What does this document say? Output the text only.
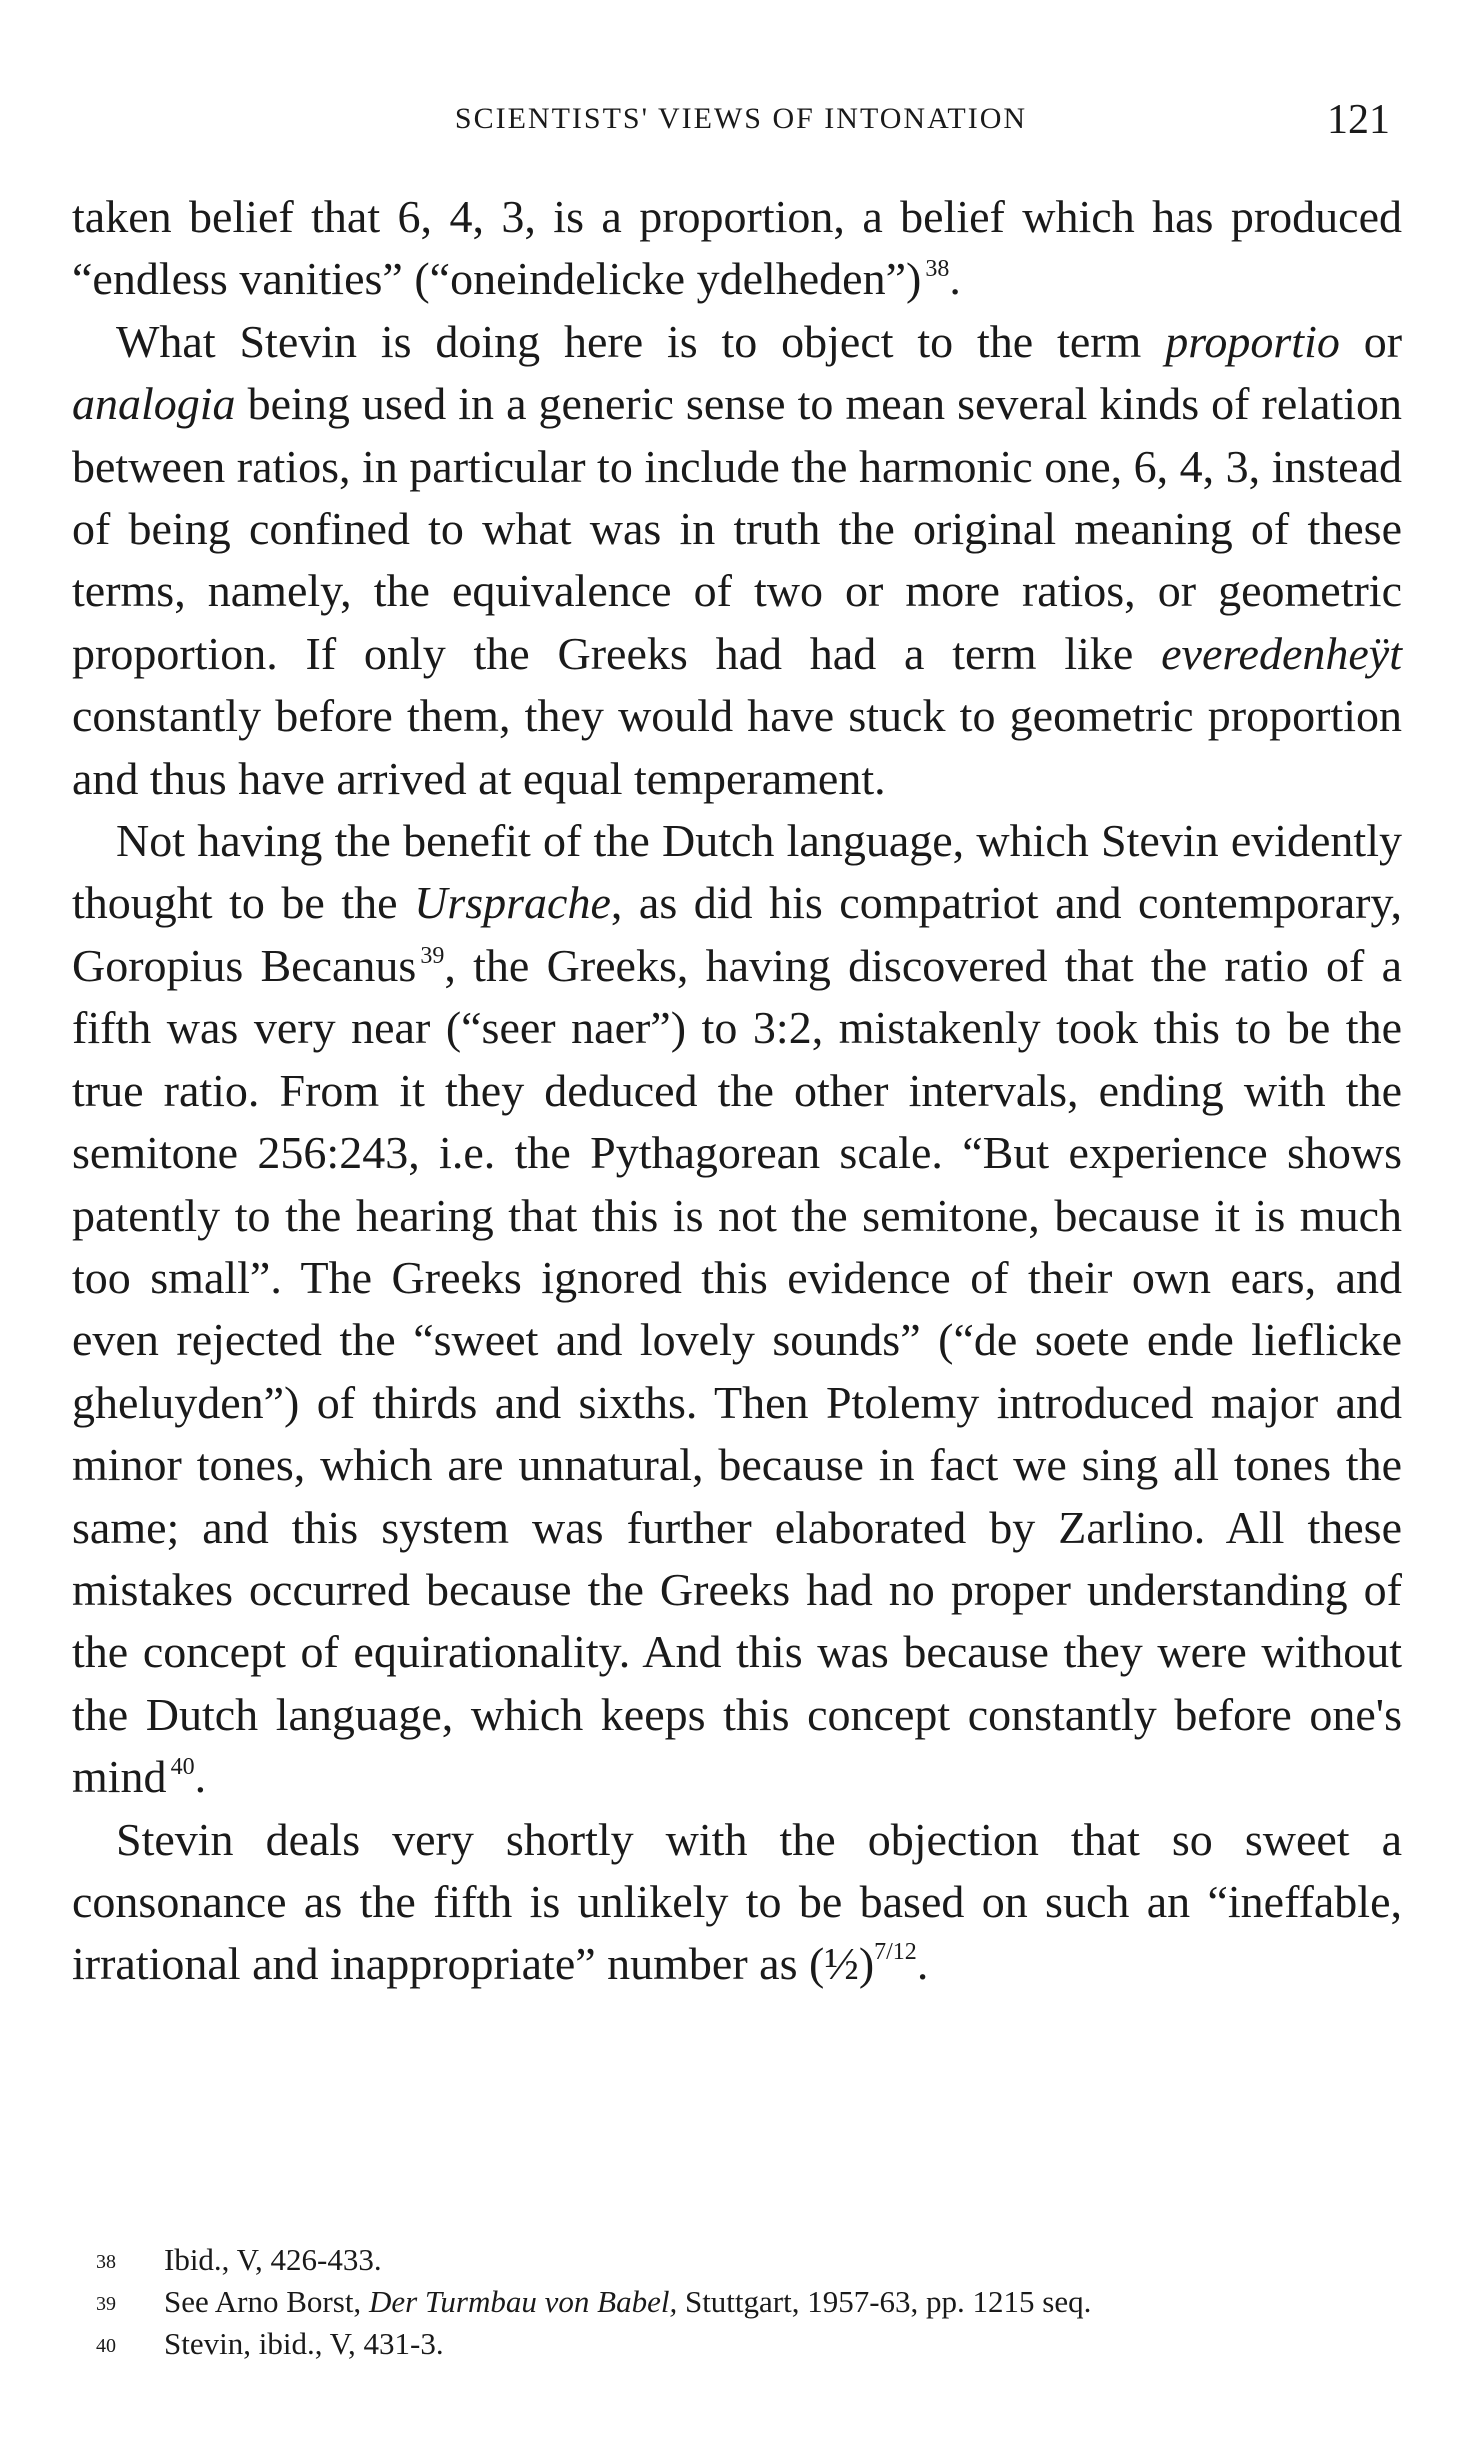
SCIENTISTS' VIEWS OF INTONATION	121

taken belief that 6, 4, 3, is a proportion, a belief which has produced “endless vanities” (“oneindelicke ydelheden”) $^{38}$.

What Stevin is doing here is to object to the term proportio or analogia being used in a generic sense to mean several kinds of relation between ratios, in particular to include the harmonic one, 6, 4, 3, instead of being confined to what was in truth the original meaning of these terms, namely, the equivalence of two or more ratios, or geometric proportion. If only the Greeks had had a term like everedenheÿt constantly before them, they would have stuck to geometric proportion and thus have arrived at equal temperament.

Not having the benefit of the Dutch language, which Stevin evidently thought to be the Ursprache, as did his compatriot and contemporary, Goropius Becanus $^{39}$, the Greeks, having discovered that the ratio of a fifth was very near (“seer naer”) to 3:2, mistakenly took this to be the true ratio. From it they deduced the other intervals, ending with the semitone 256:243, i.e. the Pythagorean scale. “But experience shows patently to the hearing that this is not the semitone, because it is much too small”. The Greeks ignored this evidence of their own ears, and even rejected the “sweet and lovely sounds” (“de soete ende lieflicke gheluyden”) of thirds and sixths. Then Ptolemy introduced major and minor tones, which are unnatural, because in fact we sing all tones the same; and this system was further elaborated by Zarlino. All these mistakes occurred because the Greeks had no proper understanding of the concept of equirationality. And this was because they were without the Dutch language, which keeps this concept constantly before one's mind $^{40}$.

Stevin deals very shortly with the objection that so sweet a consonance as the fifth is unlikely to be based on such an “ineffable, irrational and inappropriate” number as (½)$^{7/12}$.

38	Ibid., V, 426-433.
39	See Arno Borst, Der Turmbau von Babel, Stuttgart, 1957-63, pp. 1215 seq.
40	Stevin, ibid., V, 431-3.
